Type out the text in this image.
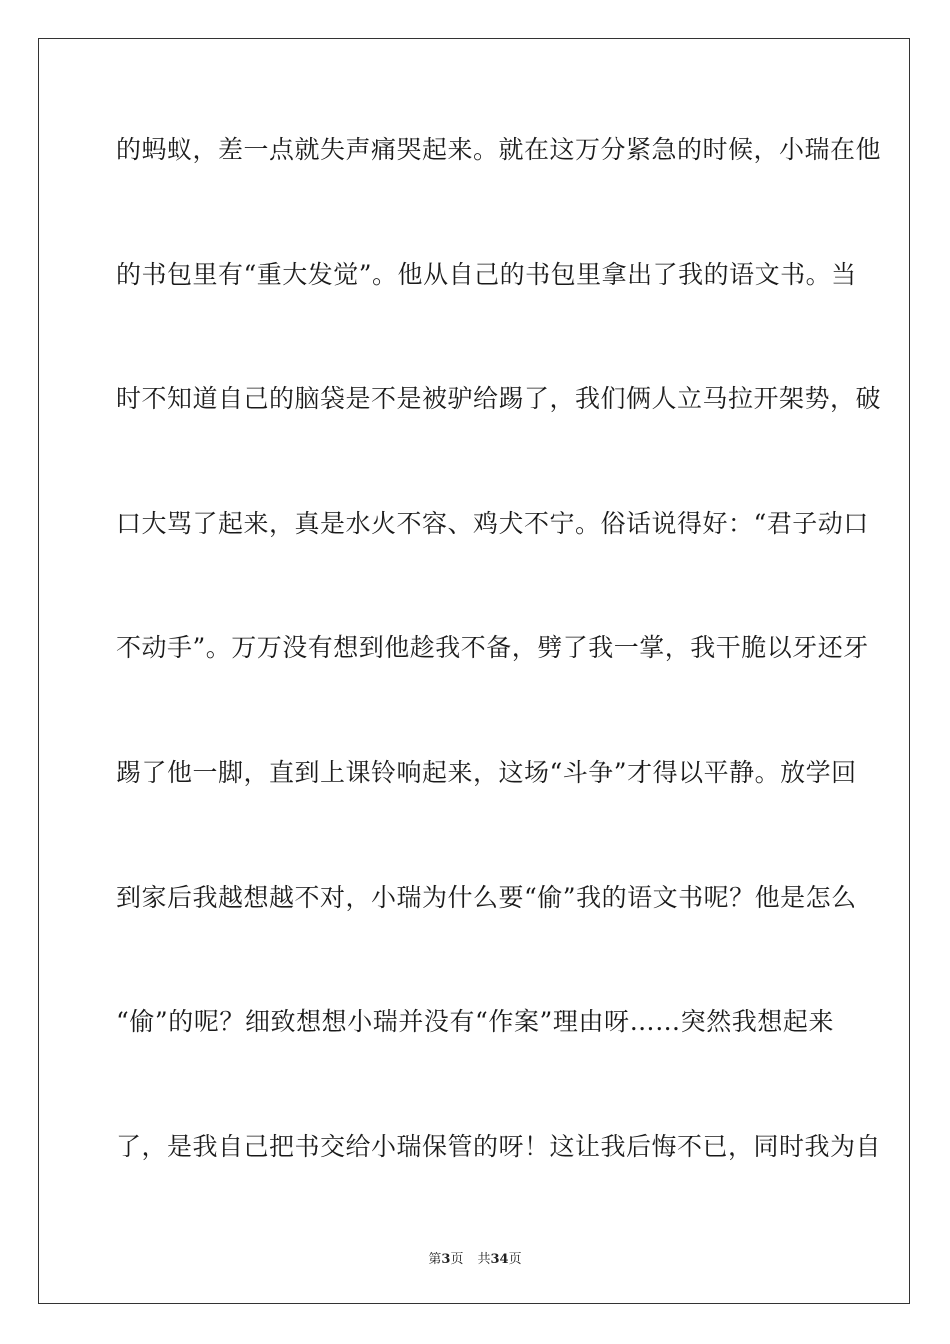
的蚂蚁，差一点就失声痛哭起来。就在这万分紧急的时候，小瑞在他
的书包里有“重大发觉”。他从自己的书包里拿出了我的语文书。当
时不知道自己的脑袋是不是被驴给踢了，我们俩人立马拉开架势，破
口大骂了起来，真是水火不容、鸡犬不宁。俗话说得好：“君子动口
不动手”。万万没有想到他趁我不备，劈了我一掌，我干脆以牙还牙
踢了他一脚，直到上课铃响起来，这场“斗争”才得以平静。放学回
到家后我越想越不对，小瑞为什么要“偷”我的语文书呢？他是怎么
“偷”的呢？细致想想小瑞并没有“作案”理由呀……突然我想起来
了，是我自己把书交给小瑞保管的呀！这让我后悔不已，同时我为自
第3页 共34页
